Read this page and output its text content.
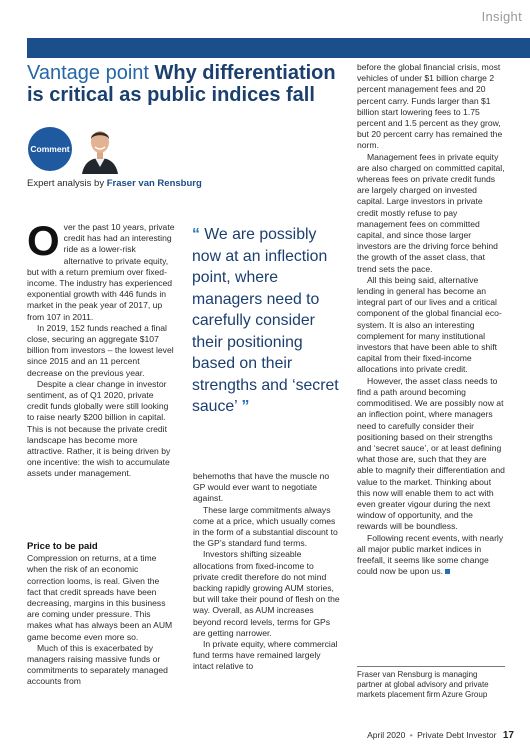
Insight
Vantage point Why differentiation is critical as public indices fall
Comment
Expert analysis by Fraser van Rensburg

Over the past 10 years, private credit has had an interesting ride as a lower-risk alternative to private equity, but with a return premium over fixed-income. The industry has experienced exponential growth with 446 funds in market in the peak year of 2017, up from 107 in 2011.

In 2019, 152 funds reached a final close, securing an aggregate $107 billion from investors – the lowest level since 2015 and an 11 percent decrease on the previous year.

Despite a clear change in investor sentiment, as of Q1 2020, private credit funds globally were still looking to raise nearly $200 billion in capital. This is not because the private credit landscape has become more attractive. Rather, it is being driven by one incentive: the wish to accumulate assets under management.

Price to be paid

Compression on returns, at a time when the risk of an economic correction looms, is real. Given the fact that credit spreads have been decreasing, margins in this business are coming under pressure. This makes what has always been an AUM game become even more so.

Much of this is exacerbated by managers raising massive funds or commitments to separately managed accounts from

“ We are possibly now at an inflection point, where managers need to carefully consider their positioning based on their strengths and ‘secret sauce’ ”

behemoths that have the muscle no GP would ever want to negotiate against.

These large commitments always come at a price, which usually comes in the form of a substantial discount to the GP’s standard fund terms.

Investors shifting sizeable allocations from fixed-income to private credit therefore do not mind backing rapidly growing AUM stories, but will take their pound of flesh on the way. Overall, as AUM increases beyond record levels, terms for GPs are getting narrower.

In private equity, where commercial fund terms have remained largely intact relative to

before the global financial crisis, most vehicles of under $1 billion charge 2 percent management fees and 20 percent carry. Funds larger than $1 billion start lowering fees to 1.75 percent and 1.5 percent as they grow, but 20 percent carry has remained the norm.

Management fees in private equity are also charged on committed capital, whereas fees on private credit funds are largely charged on invested capital. Large investors in private credit mostly refuse to pay management fees on committed capital, and since those larger investors are the driving force behind the growth of the asset class, that trend sets the pace.

All this being said, alternative lending in general has become an integral part of our lives and a critical component of the global financial eco-system. It is also an interesting complement for many institutional investors that have been able to shift capital from their fixed-income allocations into private credit.

However, the asset class needs to find a path around becoming commoditised. We are possibly now at an inflection point, where managers need to carefully consider their positioning based on their strengths and ‘secret sauce’, or at least defining what those are, such that they are able to magnify their differentiation and value to the market. Thinking about this now will enable them to act with even greater vigour during the next window of opportunity, and the rewards will be boundless.

Following recent events, with nearly all major public market indices in freefall, it seems like some change could now be upon us.

Fraser van Rensburg is managing partner at global advisory and private markets placement firm Azure Group
April 2020 • Private Debt Investor 17
